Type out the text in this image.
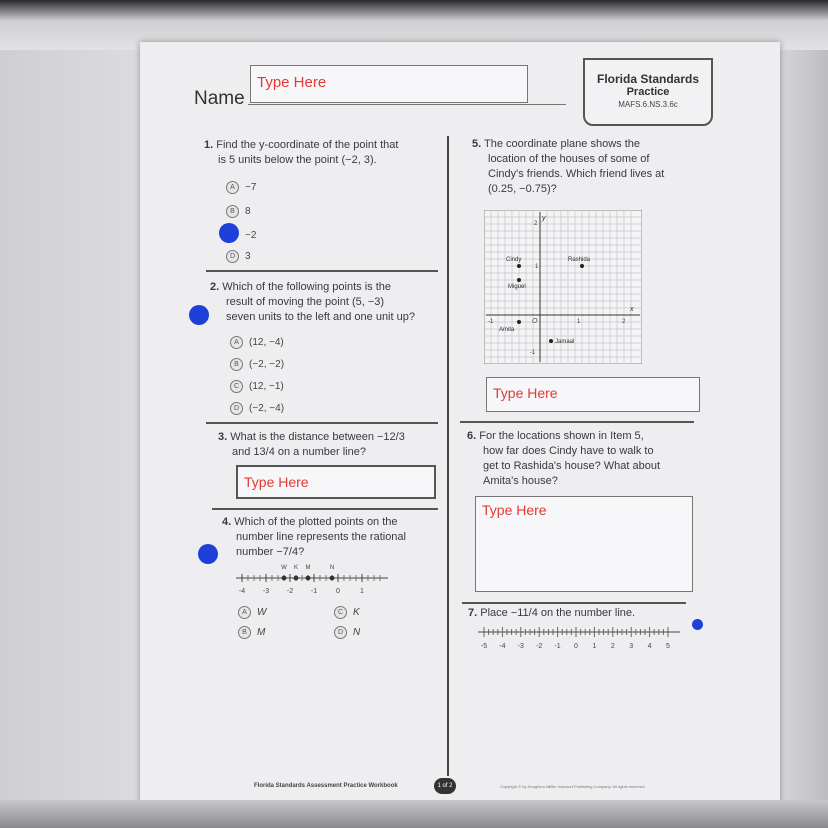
Name
Type Here	Florida Standards
Practice
MAFS.6.NS.3.6c
1. Find the y-coordinate of the point that
is 5 units below the point (−2, 3).
A	−7
B	8
−2
D 3
2. Which of the following points is the
result of moving the point (5, −3)
seven units to the left and one unit up?
A	(12, −4)
B	(−2, −2)
C (12, −1)
D (−2, −4)
3. What is the distance between −12/3
and 13/4 on a number line?
Type Here
4. Which of the plotted points on the
number line represents the rational
number −7/4?
W K M	N
-4	-3	-2	-1	0	1
A	W
B	M
C K
D N
5. The coordinate plane shows the
location of the houses of some of
Cindy's friends. Which friend lives at
(0.25, −0.75)?
y
x
2
1
-1
-1	O	1	2
Cindy	Rashida
Miguel
Amita
Jamaal
Type Here
6. For the locations shown in Item 5,
how far does Cindy have to walk to
get to Rashida's house? What about
Amita's house?
Type Here
7. Place −11/4 on the number line.
-5 -4 -3 -2 -1 0 1 2 3 4 5
Florida Standards Assessment Practice Workbook	1 of 2	Copyright © by Houghton Mifflin Harcourt Publishing Company. All rights reserved.
